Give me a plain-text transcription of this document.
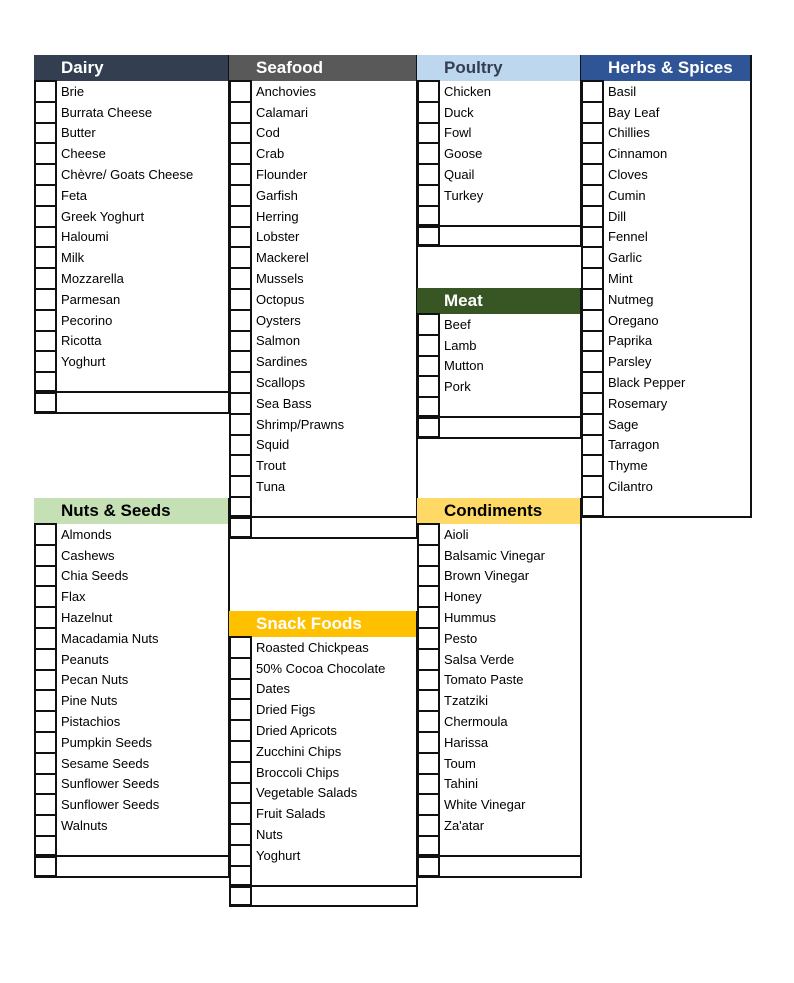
Dairy
Brie
Burrata Cheese
Butter
Cheese
Chèvre/ Goats Cheese
Feta
Greek Yoghurt
Haloumi
Milk
Mozzarella
Parmesan
Pecorino
Ricotta
Yoghurt
Seafood
Anchovies
Calamari
Cod
Crab
Flounder
Garfish
Herring
Lobster
Mackerel
Mussels
Octopus
Oysters
Salmon
Sardines
Scallops
Sea Bass
Shrimp/Prawns
Squid
Trout
Tuna
Poultry
Chicken
Duck
Fowl
Goose
Quail
Turkey
Herbs & Spices
Basil
Bay Leaf
Chillies
Cinnamon
Cloves
Cumin
Dill
Fennel
Garlic
Mint
Nutmeg
Oregano
Paprika
Parsley
Black Pepper
Rosemary
Sage
Tarragon
Thyme
Cilantro
Meat
Beef
Lamb
Mutton
Pork
Nuts & Seeds
Almonds
Cashews
Chia Seeds
Flax
Hazelnut
Macadamia Nuts
Peanuts
Pecan Nuts
Pine Nuts
Pistachios
Pumpkin Seeds
Sesame Seeds
Sunflower Seeds
Sunflower Seeds
Walnuts
Snack Foods
Roasted Chickpeas
50% Cocoa Chocolate
Dates
Dried Figs
Dried Apricots
Zucchini Chips
Broccoli Chips
Vegetable Salads
Fruit Salads
Nuts
Yoghurt
Condiments
Aioli
Balsamic Vinegar
Brown Vinegar
Honey
Hummus
Pesto
Salsa Verde
Tomato Paste
Tzatziki
Chermoula
Harissa
Toum
Tahini
White Vinegar
Za'atar
